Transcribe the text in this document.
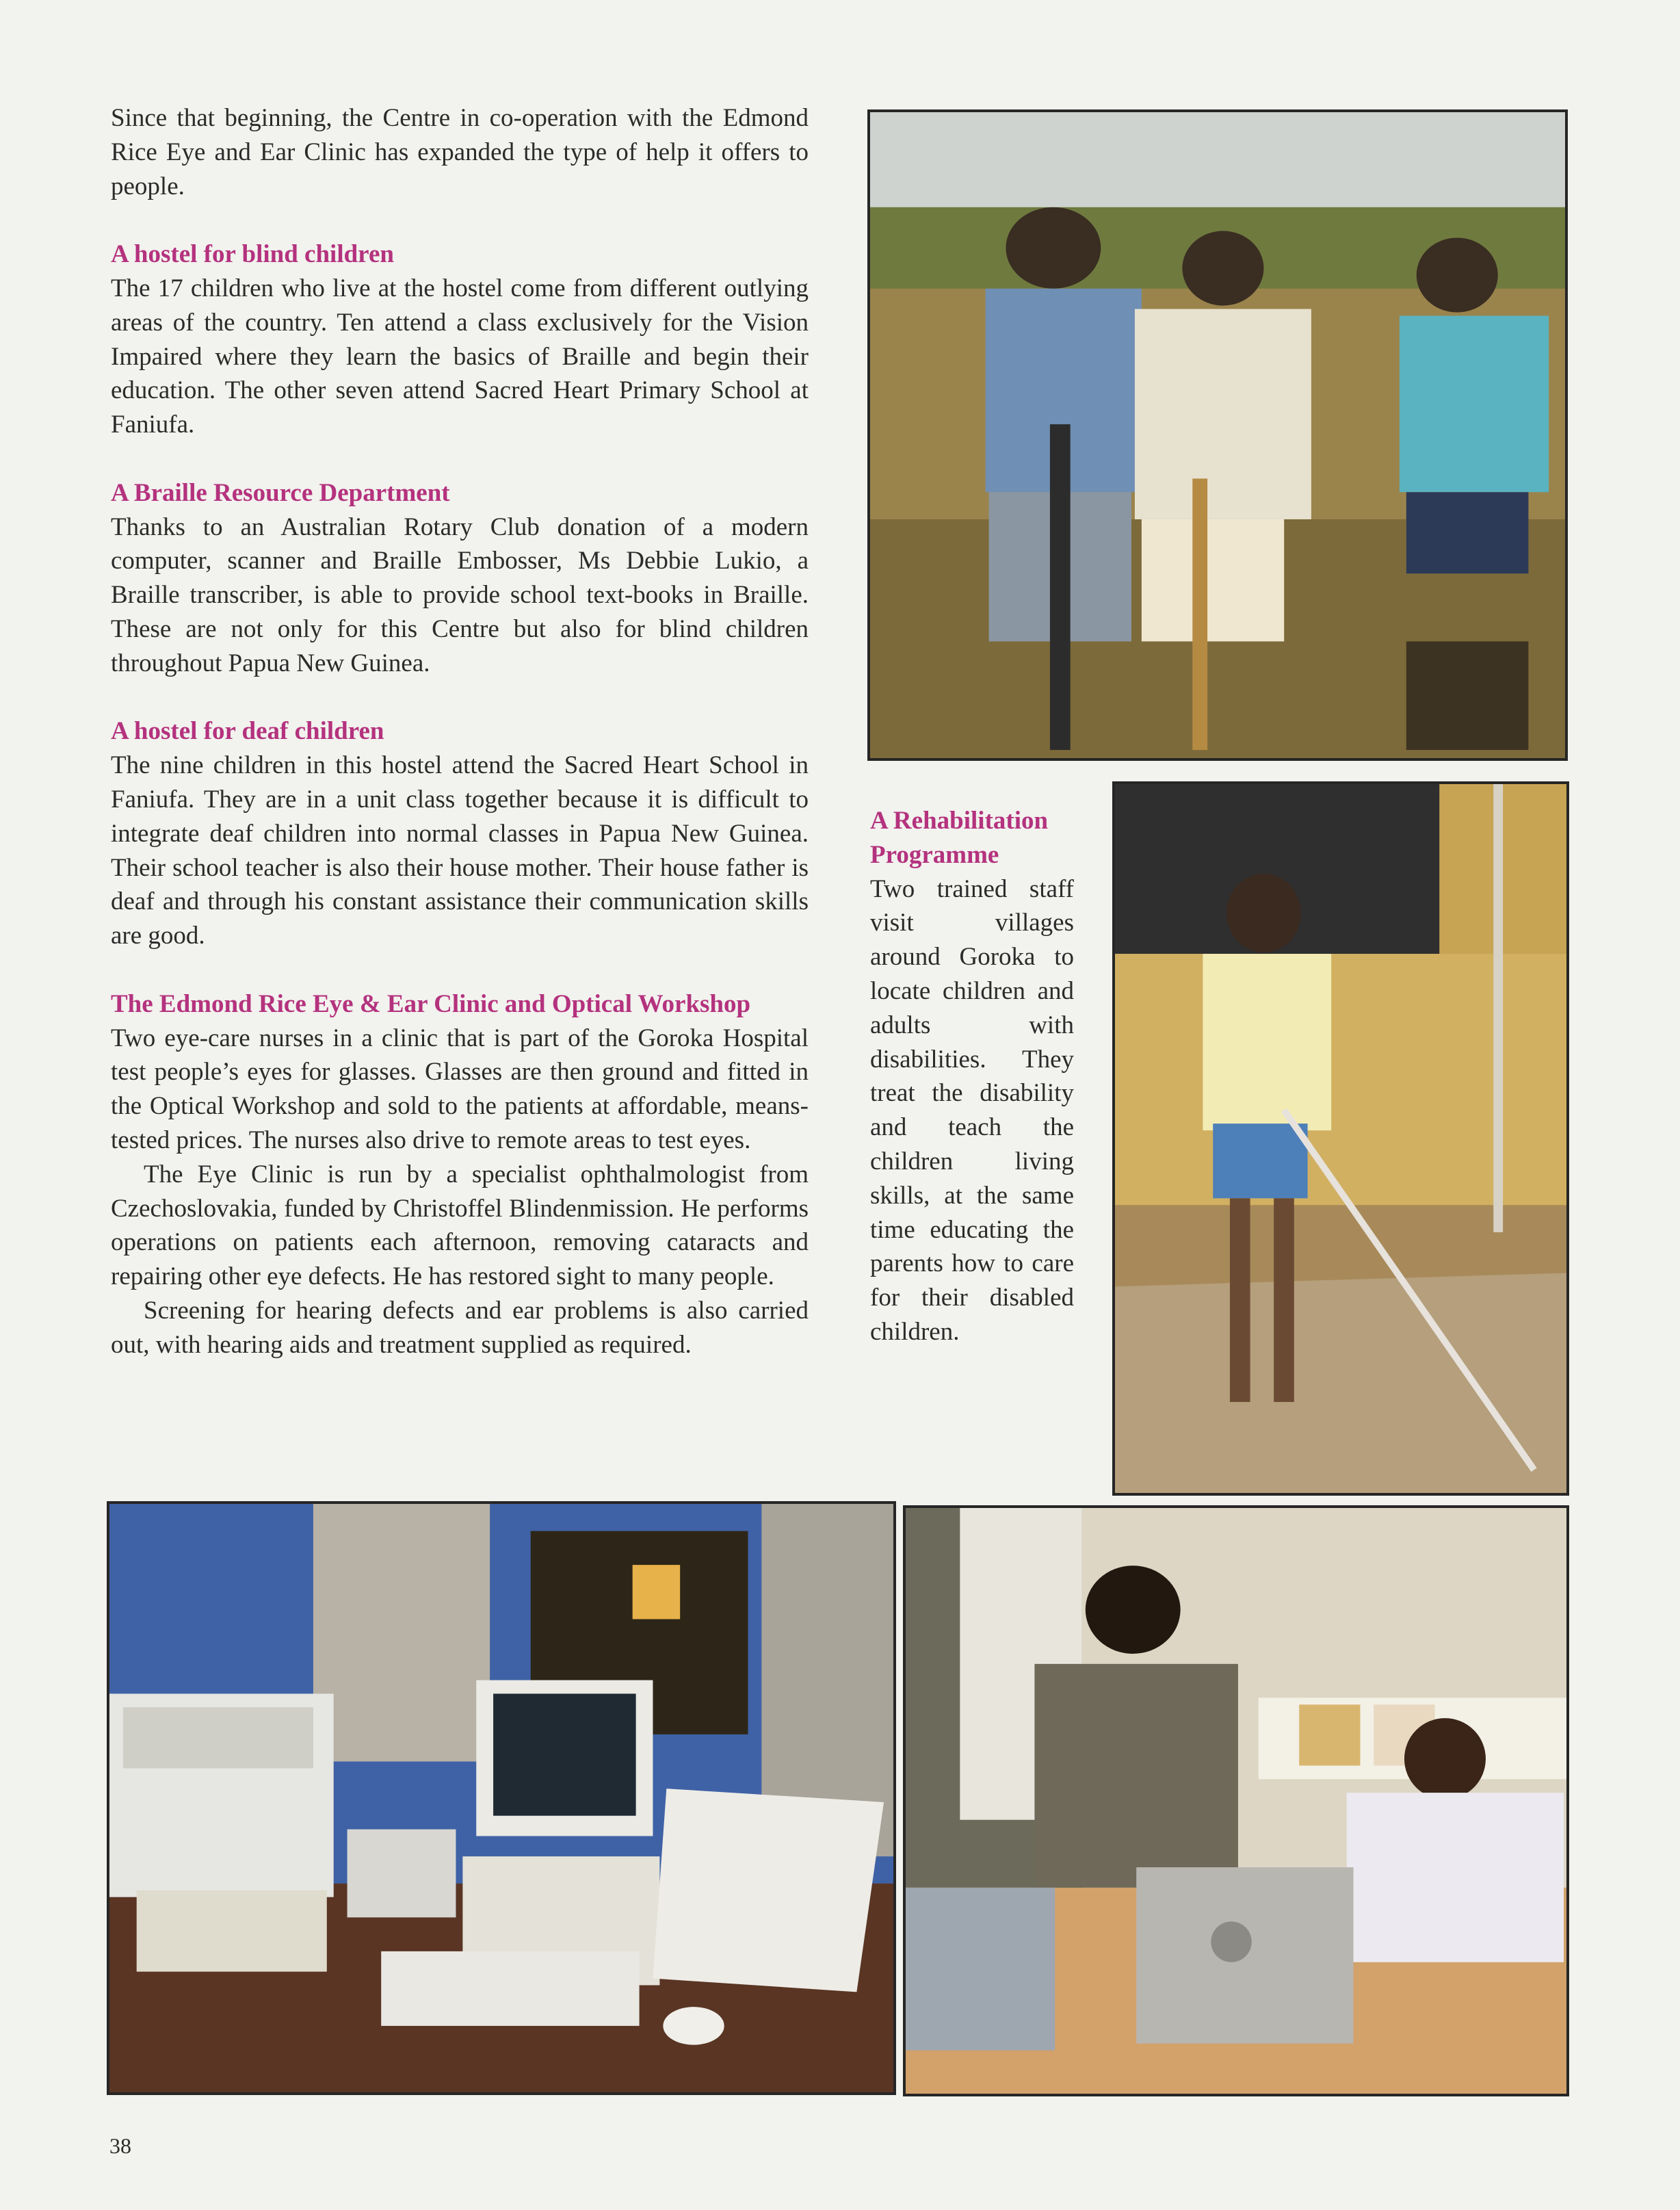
Since that beginning, the Centre in co-operation with the Edmond Rice Eye and Ear Clinic has expanded the type of help it offers to people.

A hostel for blind children

The 17 children who live at the hostel come from different outlying areas of the country. Ten attend a class exclusively for the Vision Impaired where they learn the basics of Braille and begin their education. The other seven attend Sacred Heart Primary School at Faniufa.

A Braille Resource Department

Thanks to an Australian Rotary Club donation of a modern computer, scanner and Braille Embosser, Ms Debbie Lukio, a Braille transcriber, is able to provide school text-books in Braille. These are not only for this Centre but also for blind children throughout Papua New Guinea.

A hostel for deaf children

The nine children in this hostel attend the Sacred Heart School in Faniufa. They are in a unit class together because it is difficult to integrate deaf children into normal classes in Papua New Guinea. Their school teacher is also their house mother. Their house father is deaf and through his constant assistance their communication skills are good.

The Edmond Rice Eye & Ear Clinic and Optical Workshop

Two eye-care nurses in a clinic that is part of the Goroka Hospital test people’s eyes for glasses. Glasses are then ground and fitted in the Optical Workshop and sold to the patients at affordable, means-tested prices. The nurses also drive to remote areas to test eyes.

The Eye Clinic is run by a specialist ophthalmologist from Czechoslovakia, funded by Christoffel Blindenmission. He performs operations on patients each afternoon, removing cataracts and repairing other eye defects. He has restored sight to many people.

Screening for hearing defects and ear problems is also carried out, with hearing aids and treatment supplied as required.

A Rehabilitation Programme

Two trained staff visit villages around Goroka to locate children and adults with disabilities. They treat the disability and teach the children living skills, at the same time educating the parents how to care for their disabled children.

38
